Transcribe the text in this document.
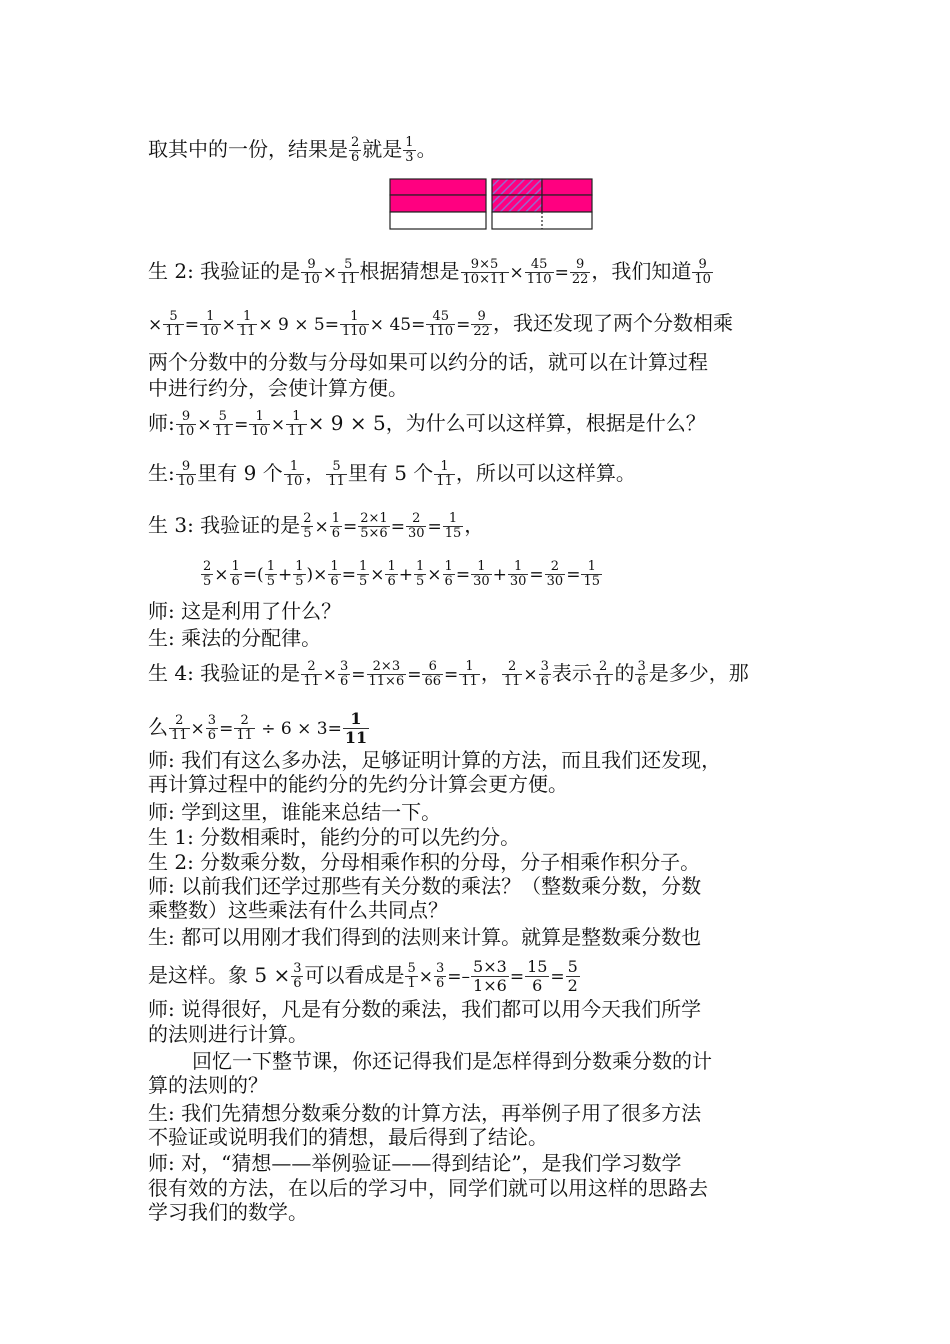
取其中的一份，结果是 $\frac{2}{6}$ 就是 $\frac{1}{3}$ 。
生 2: 我验证的是 $\frac{9}{10} \times \frac{5}{11}$ 根据猜想是 $\frac{9\times 5}{10\times 11} \times \frac{45}{110} = \frac{9}{22}$ ，我们知道 $\frac{9}{10}$
× $\frac{5}{11} = \frac{1}{10} \times \frac{1}{11} \times 9 \times 5= \frac{1}{110} \times 45= \frac{45}{110} = \frac{9}{22}$ ，我还发现了两个分数相乘
两个分数中的分数与分母如果可以约分的话，就可以在计算过程
中进行约分，会使计算方便。
师: $\frac{9}{10} \times \frac{5}{11} = \frac{1}{10} \times \frac{1}{11} \times 9 \times 5$，为什么可以这样算，根据是什么？
生: $\frac{9}{10}$ 里有 9 个 $\frac{1}{10}$ ， $\frac{5}{11}$ 里有 5 个 $\frac{1}{11}$ ，所以可以这样算。
生 3: 我验证的是 $\frac{2}{5} \times \frac{1}{6} = \frac{2\times 1}{5\times 6} = \frac{2}{30} = \frac{1}{15}$ ，
$\frac{2}{5} \times \frac{1}{6}$ =( $\frac{1}{5} + \frac{1}{5}$ )× $\frac{1}{6} = \frac{1}{5} \times \frac{1}{6} + \frac{1}{5} \times \frac{1}{6} = \frac{1}{30} + \frac{1}{30} = \frac{2}{30} = \frac{1}{15}$
师: 这是利用了什么？
生: 乘法的分配律。
生 4: 我验证的是 $\frac{2}{11} \times \frac{3}{6} = \frac{2\times 3}{11\times 6} = \frac{6}{66} = \frac{1}{11}$ ， $\frac{2}{11} \times \frac{3}{6}$ 表示 $\frac{2}{11}$ 的 $\frac{3}{6}$ 是多少，那
么 $\frac{2}{11} \times \frac{3}{6} = \frac{2}{11} \div 6 \times 3= \frac{1}{11}$
师: 我们有这么多办法，足够证明计算的方法，而且我们还发现，
再计算过程中的能约分的先约分计算会更方便。
师: 学到这里，谁能来总结一下。
生 1: 分数相乘时，能约分的可以先约分。
生 2: 分数乘分数，分母相乘作积的分母，分子相乘作积分子。
师: 以前我们还学过那些有关分数的乘法？（整数乘分数，分数
乘整数）这些乘法有什么共同点？
生: 都可以用刚才我们得到的法则来计算。就算是整数乘分数也
是这样。象 $5 \times \frac{3}{6}$ 可以看成是 $\frac{5}{1} \times \frac{3}{6} =- \frac{5\times 3}{1\times 6} = \frac{15}{6} = \frac{5}{2}$
师: 说得很好，凡是有分数的乘法，我们都可以用今天我们所学
的法则进行计算。
回忆一下整节课，你还记得我们是怎样得到分数乘分数的计
算的法则的？
生: 我们先猜想分数乘分数的计算方法，再举例子用了很多方法
不验证或说明我们的猜想，最后得到了结论。
师: 对，“猜想——举例验证——得到结论”，是我们学习数学
很有效的方法，在以后的学习中，同学们就可以用这样的思路去
学习我们的数学。
